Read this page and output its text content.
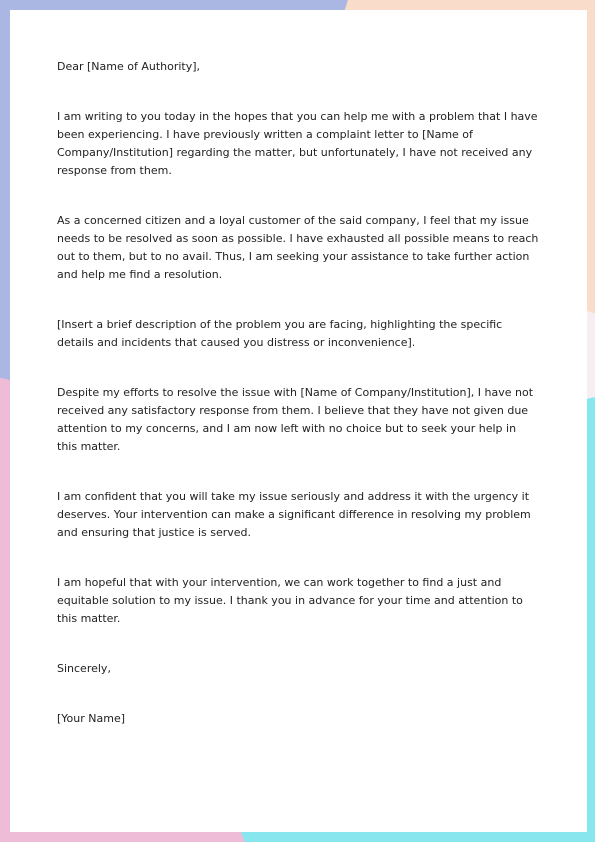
Dear [Name of Authority],

I am writing to you today in the hopes that you can help me with a problem that I have been experiencing. I have previously written a complaint letter to [Name of Company/Institution] regarding the matter, but unfortunately, I have not received any response from them.

As a concerned citizen and a loyal customer of the said company, I feel that my issue needs to be resolved as soon as possible. I have exhausted all possible means to reach out to them, but to no avail. Thus, I am seeking your assistance to take further action and help me find a resolution.

[Insert a brief description of the problem you are facing, highlighting the specific details and incidents that caused you distress or inconvenience].

Despite my efforts to resolve the issue with [Name of Company/Institution], I have not received any satisfactory response from them. I believe that they have not given due attention to my concerns, and I am now left with no choice but to seek your help in this matter.

I am confident that you will take my issue seriously and address it with the urgency it deserves. Your intervention can make a significant difference in resolving my problem and ensuring that justice is served.

I am hopeful that with your intervention, we can work together to find a just and equitable solution to my issue. I thank you in advance for your time and attention to this matter.

Sincerely,

[Your Name]
